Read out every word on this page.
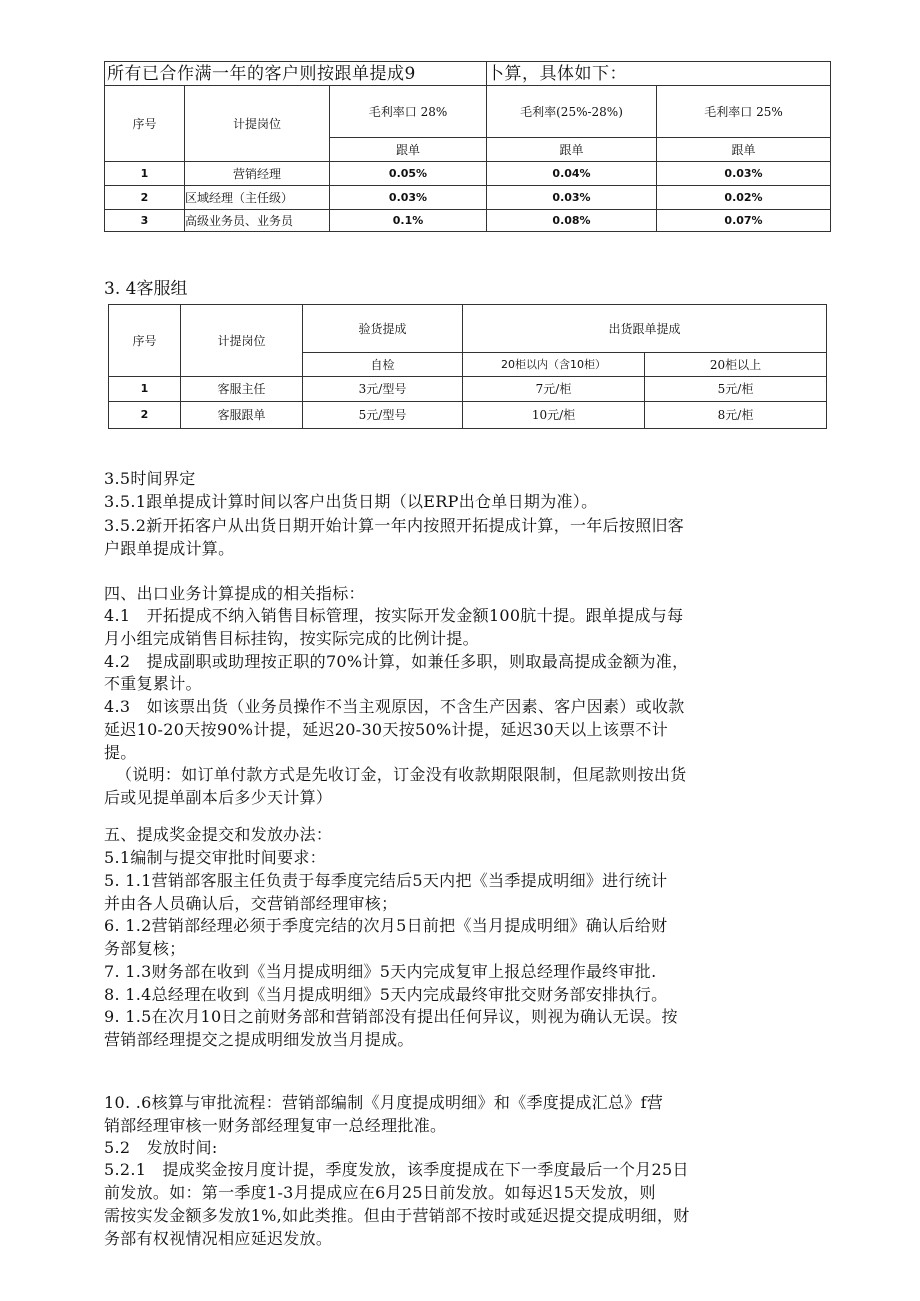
所有已合作满一年的客户则按跟单提成9			卜算，具体如下：	
序号	计提岗位	毛利率口 28%	毛利率(25%-28%)	毛利率口 25%
		跟单	跟单	跟单
1	营销经理	0.05%	0.04%	0.03%
2	区域经理（主任级）	0.03%	0.03%	0.02%
3	高级业务员、业务员	0.1%	0.08%	0.07%
3. 4客服组
序号	计提岗位	验货提成	出货跟单提成	
		自检	20柜以内（含10柜）	20柜以上
1	客服主任	3元/型号	7元/柜	5元/柜
2	客服跟单	5元/型号	10元/柜	8元/柜
3.5时间界定
3.5.1跟单提成计算时间以客户出货日期（以ERP出仓单日期为准）。
3.5.2新开拓客户从出货日期开始计算一年内按照开拓提成计算，一年后按照旧客
户跟单提成计算。
四、出口业务计算提成的相关指标：
4.1　开拓提成不纳入销售目标管理，按实际开发金额100肮十提。跟单提成与每
月小组完成销售目标挂钩，按实际完成的比例计提。
4.2　提成副职或助理按正职的70%计算，如兼任多职，则取最高提成金额为准，
不重复累计。
4.3　如该票出货（业务员操作不当主观原因，不含生产因素、客户因素）或收款
延迟10-20天按90%计提，延迟20-30天按50%计提，延迟30天以上该票不计
提。
（说明：如订单付款方式是先收订金，订金没有收款期限限制，但尾款则按出货
后或见提单副本后多少天计算）
五、提成奖金提交和发放办法：
5.1编制与提交审批时间要求：
5. 1.1营销部客服主任负责于每季度完结后5天内把《当季提成明细》进行统计
并由各人员确认后，交营销部经理审核；
6. 1.2营销部经理必须于季度完结的次月5日前把《当月提成明细》确认后给财
务部复核；
7. 1.3财务部在收到《当月提成明细》5天内完成复审上报总经理作最终审批.
8. 1.4总经理在收到《当月提成明细》5天内完成最终审批交财务部安排执行。
9. 1.5在次月10日之前财务部和营销部没有提出任何异议，则视为确认无误。按
营销部经理提交之提成明细发放当月提成。
10. .6核算与审批流程：营销部编制《月度提成明细》和《季度提成汇总》f营
销部经理审核一财务部经理复审一总经理批准。
5.2　发放时间:
5.2.1　提成奖金按月度计提，季度发放，该季度提成在下一季度最后一个月25日
前发放。如：第一季度1-3月提成应在6月25日前发放。如每迟15天发放，则
需按实发金额多发放1%,如此类推。但由于营销部不按时或延迟提交提成明细，财
务部有权视情况相应延迟发放。
